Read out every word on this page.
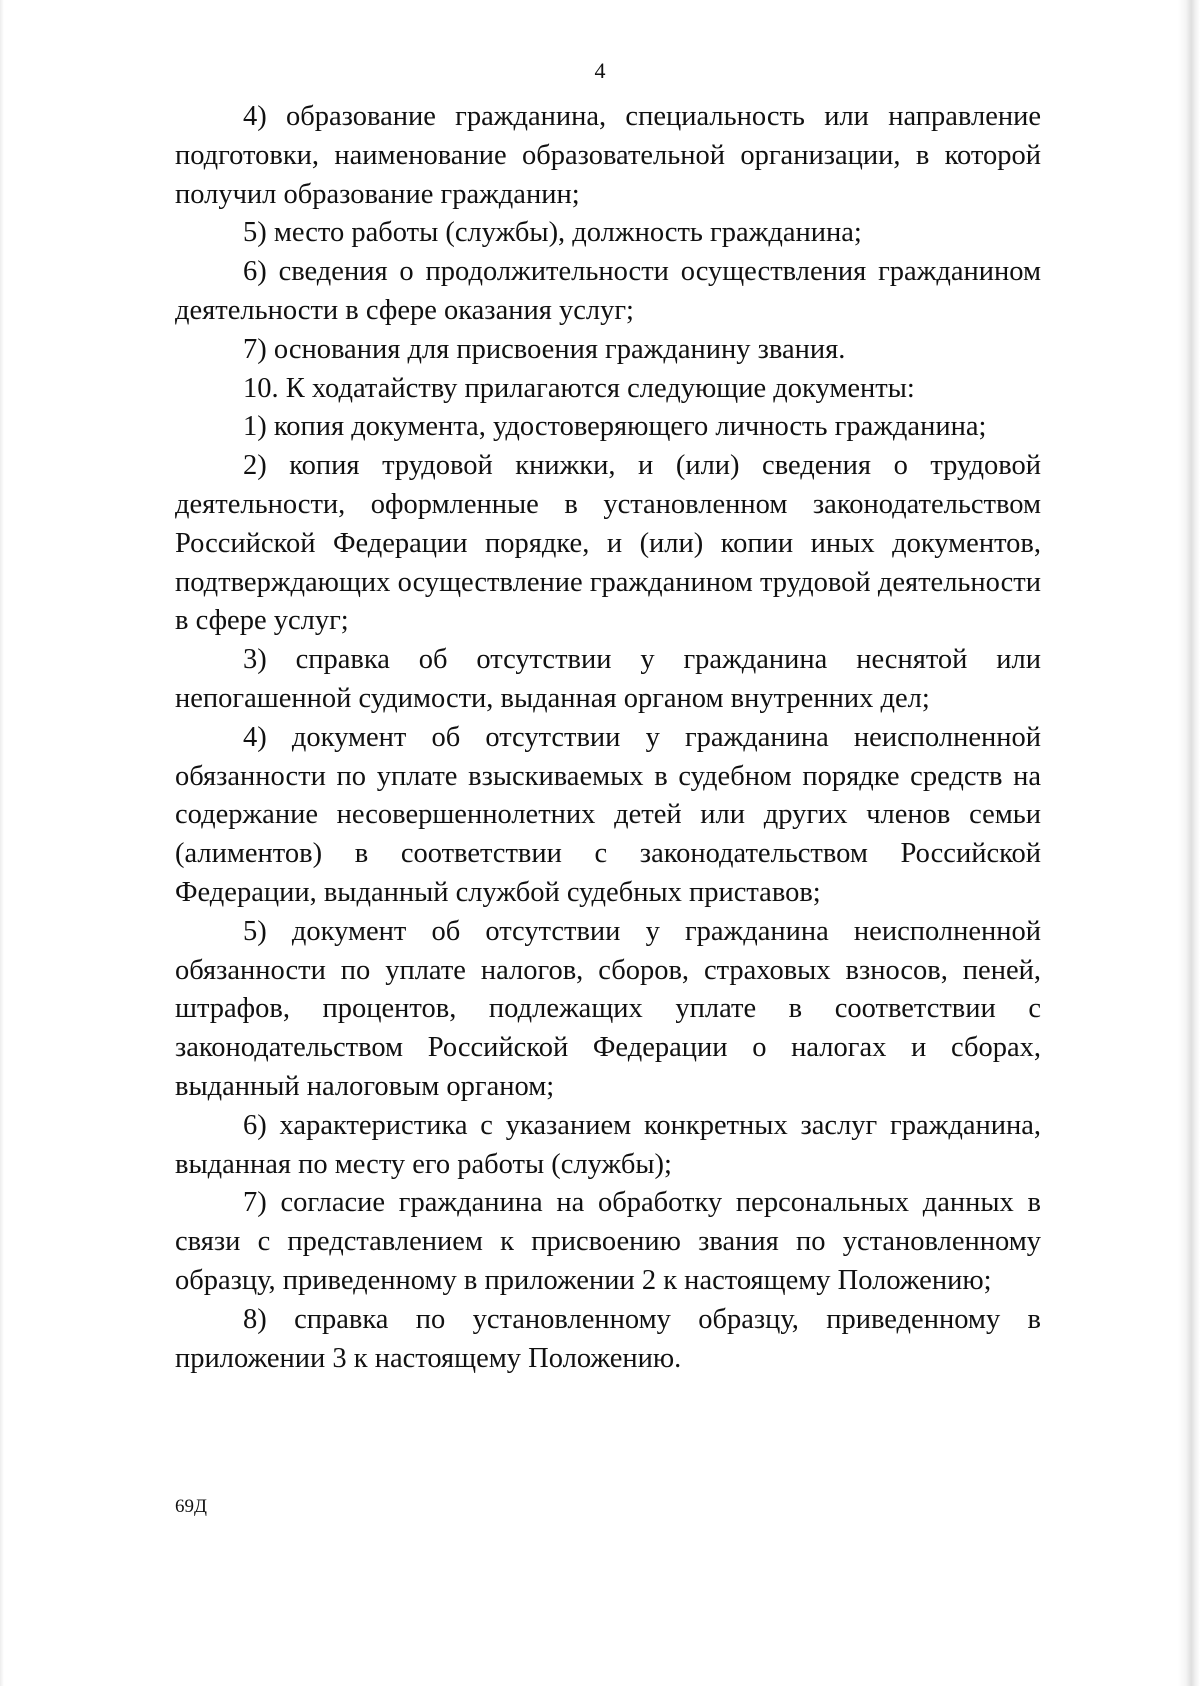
4

4) образование гражданина, специальность или направление подготовки, наименование образовательной организации, в которой получил образование гражданин;

5) место работы (службы), должность гражданина;

6) сведения о продолжительности осуществления гражданином деятельности в сфере оказания услуг;

7) основания для присвоения гражданину звания.

10. К ходатайству прилагаются следующие документы:

1) копия документа, удостоверяющего личность гражданина;

2) копия трудовой книжки, и (или) сведения о трудовой деятельности, оформленные в установленном законодательством Российской Федерации порядке, и (или) копии иных документов, подтверждающих осуществление гражданином трудовой деятельности в сфере услуг;

3) справка об отсутствии у гражданина неснятой или непогашенной судимости, выданная органом внутренних дел;

4) документ об отсутствии у гражданина неисполненной обязанности по уплате взыскиваемых в судебном порядке средств на содержание несовершеннолетних детей или других членов семьи (алиментов) в соответствии с законодательством Российской Федерации, выданный службой судебных приставов;

5) документ об отсутствии у гражданина неисполненной обязанности по уплате налогов, сборов, страховых взносов, пеней, штрафов, процентов, подлежащих уплате в соответствии с законодательством Российской Федерации о налогах и сборах, выданный налоговым органом;

6) характеристика с указанием конкретных заслуг гражданина, выданная по месту его работы (службы);

7) согласие гражданина на обработку персональных данных в связи с представлением к присвоению звания по установленному образцу, приведенному в приложении 2 к настоящему Положению;

8) справка по установленному образцу, приведенному в приложении 3 к настоящему Положению.

69Д
